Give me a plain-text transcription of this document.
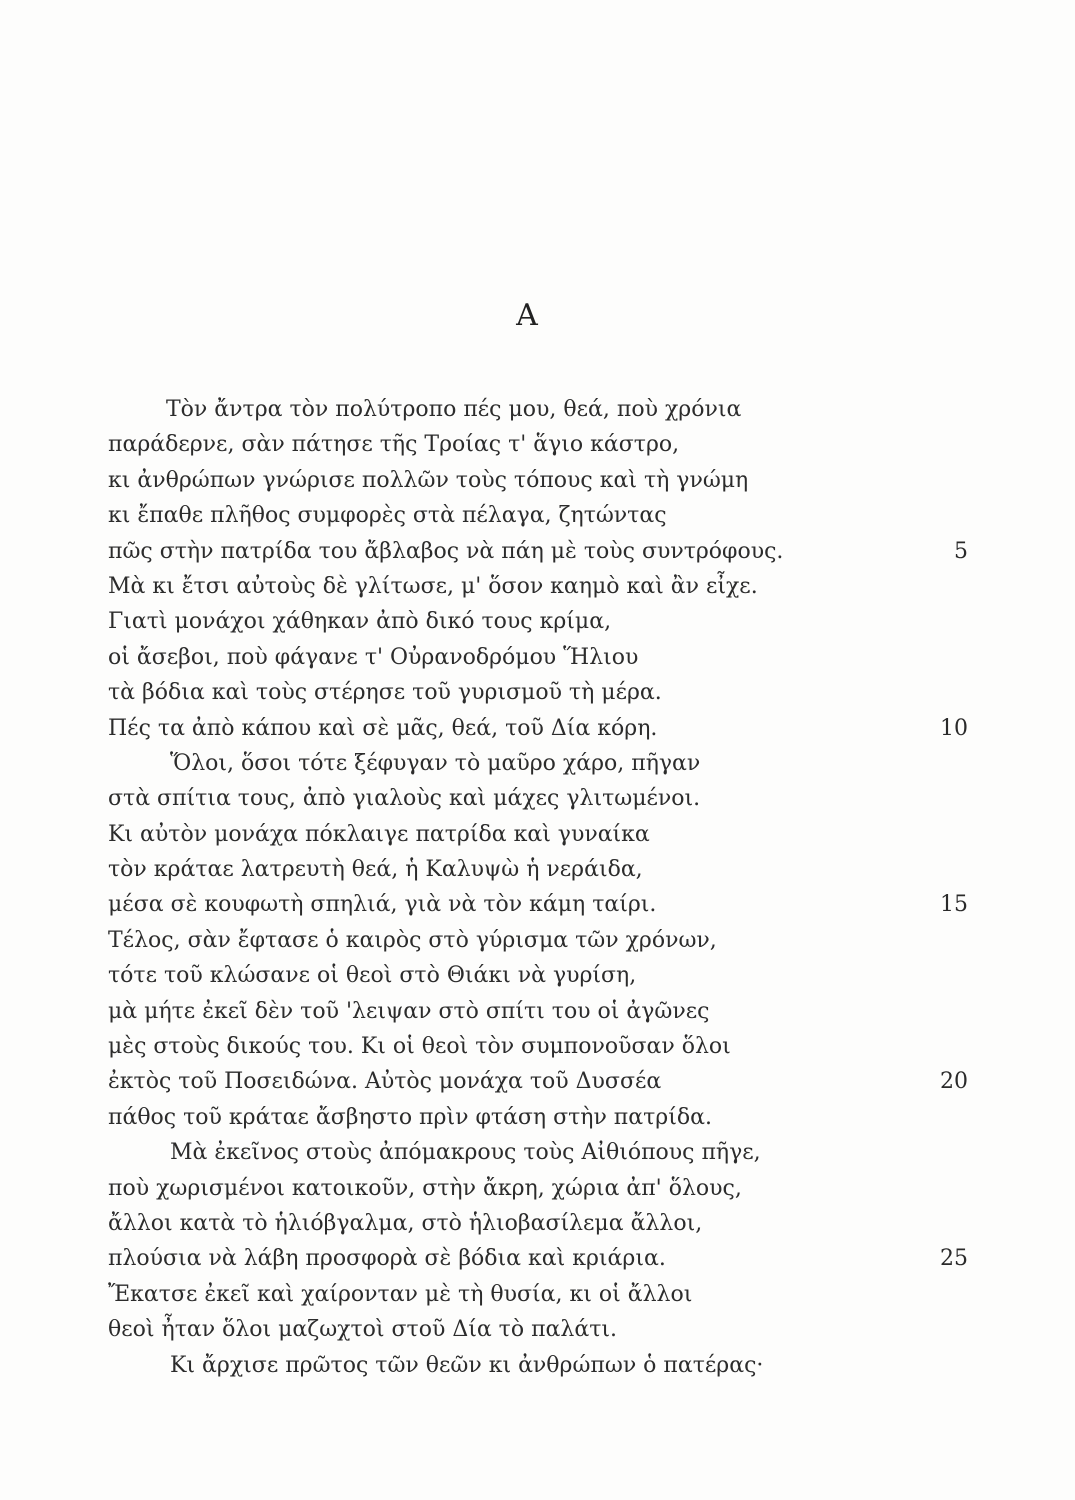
Α
Τὸν ἄντρα τὸν πολύτροπο πές μου, θεά, ποὺ χρόνια
παράδερνε, σὰν πάτησε τῆς Τροίας τ' ἅγιο κάστρο,
κι ἀνθρώπων γνώρισε πολλῶν τοὺς τόπους καὶ τὴ γνώμη
κι ἔπαθε πλῆθος συμφορὲς στὰ πέλαγα, ζητώντας
πῶς στὴν πατρίδα του ἄβλαβος νὰ πάη μὲ τοὺς συντρόφους.	5
Μὰ κι ἔτσι αὐτοὺς δὲ γλίτωσε, μ' ὅσον καημὸ καὶ ἂν εἶχε.
Γιατὶ μονάχοι χάθηκαν ἀπὸ δικό τους κρίμα,
οἱ ἄσεβοι, ποὺ φάγανε τ' Οὐρανοδρόμου Ἥλιου
τὰ βόδια καὶ τοὺς στέρησε τοῦ γυρισμοῦ τὴ μέρα.
Πές τα ἀπὸ κάπου καὶ σὲ μᾶς, θεά, τοῦ Δία κόρη.	10
Ὅλοι, ὅσοι τότε ξέφυγαν τὸ μαῦρο χάρο, πῆγαν
στὰ σπίτια τους, ἀπὸ γιαλοὺς καὶ μάχες γλιτωμένοι.
Κι αὐτὸν μονάχα πόκλαιγε πατρίδα καὶ γυναίκα
τὸν κράταε λατρευτὴ θεά, ἡ Καλυψὼ ἡ νεράιδα,
μέσα σὲ κουφωτὴ σπηλιά, γιὰ νὰ τὸν κάμη ταίρι.	15
Τέλος, σὰν ἔφτασε ὁ καιρὸς στὸ γύρισμα τῶν χρόνων,
τότε τοῦ κλώσανε οἱ θεοὶ στὸ Θιάκι νὰ γυρίση,
μὰ μήτε ἐκεῖ δὲν τοῦ 'λειψαν στὸ σπίτι του οἱ ἀγῶνες
μὲς στοὺς δικούς του. Κι οἱ θεοὶ τὸν συμπονοῦσαν ὅλοι
ἐκτὸς τοῦ Ποσειδώνα. Αὐτὸς μονάχα τοῦ Δυσσέα	20
πάθος τοῦ κράταε ἄσβηστο πρὶν φτάση στὴν πατρίδα.
Μὰ ἐκεῖνος στοὺς ἀπόμακρους τοὺς Αἰθιόπους πῆγε,
ποὺ χωρισμένοι κατοικοῦν, στὴν ἄκρη, χώρια ἀπ' ὅλους,
ἄλλοι κατὰ τὸ ἡλιόβγαλμα, στὸ ἡλιοβασίλεμα ἄλλοι,
πλούσια νὰ λάβη προσφορὰ σὲ βόδια καὶ κριάρια.	25
Ἔκατσε ἐκεῖ καὶ χαίρονταν μὲ τὴ θυσία, κι οἱ ἄλλοι
θεοὶ ἦταν ὅλοι μαζωχτοὶ στοῦ Δία τὸ παλάτι.
Κι ἄρχισε πρῶτος τῶν θεῶν κι ἀνθρώπων ὁ πατέρας·
